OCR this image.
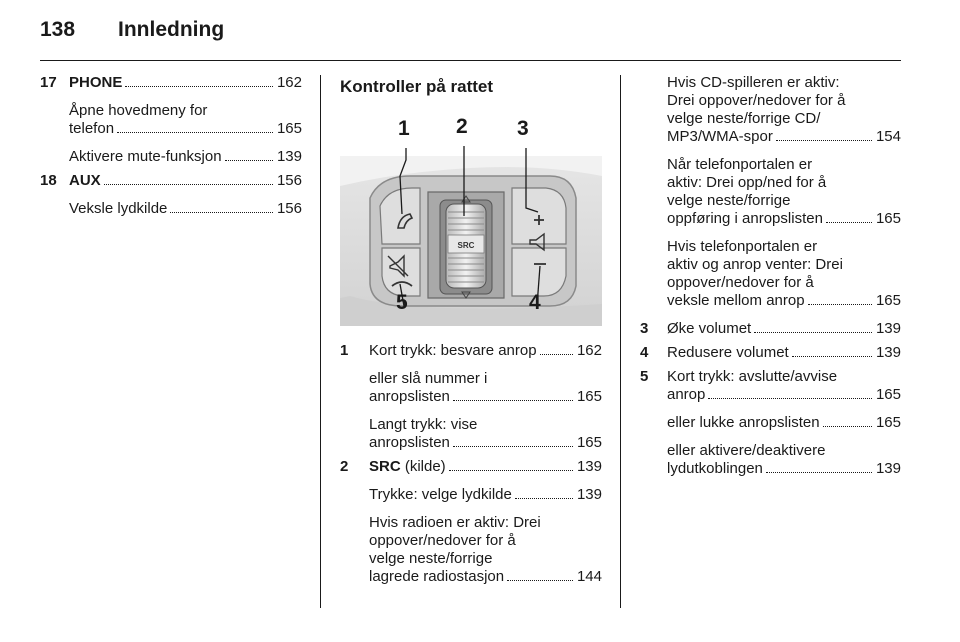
138 Innledning
17 PHONE	162
Åpne hovedmeny for
telefon	165
Aktivere mute-funksjon	139
18 AUX	156
Veksle lydkilde	156
Kontroller på rattet
SRC
1 2 3
4
5
1	Kort trykk: besvare anrop	162
eller slå nummer i
anropslisten	165
Langt trykk: vise
anropslisten	165
2	SRC (kilde)	139
Trykke: velge lydkilde	139
Hvis radioen er aktiv: Drei
oppover/nedover for å
velge neste/forrige
lagrede radiostasjon	144
Hvis CD-spilleren er aktiv:
Drei oppover/nedover for å
velge neste/forrige CD/
MP3/WMA-spor	154
Når telefonportalen er
aktiv: Drei opp/ned for å
velge neste/forrige
oppføring i anropslisten	165
Hvis telefonportalen er
aktiv og anrop venter: Drei
oppover/nedover for å
veksle mellom anrop	165
3	Øke volumet	139
4	Redusere volumet	139
5	Kort trykk: avslutte/avvise
anrop	165
eller lukke anropslisten	165
eller aktivere/deaktivere
lydutkoblingen	139
